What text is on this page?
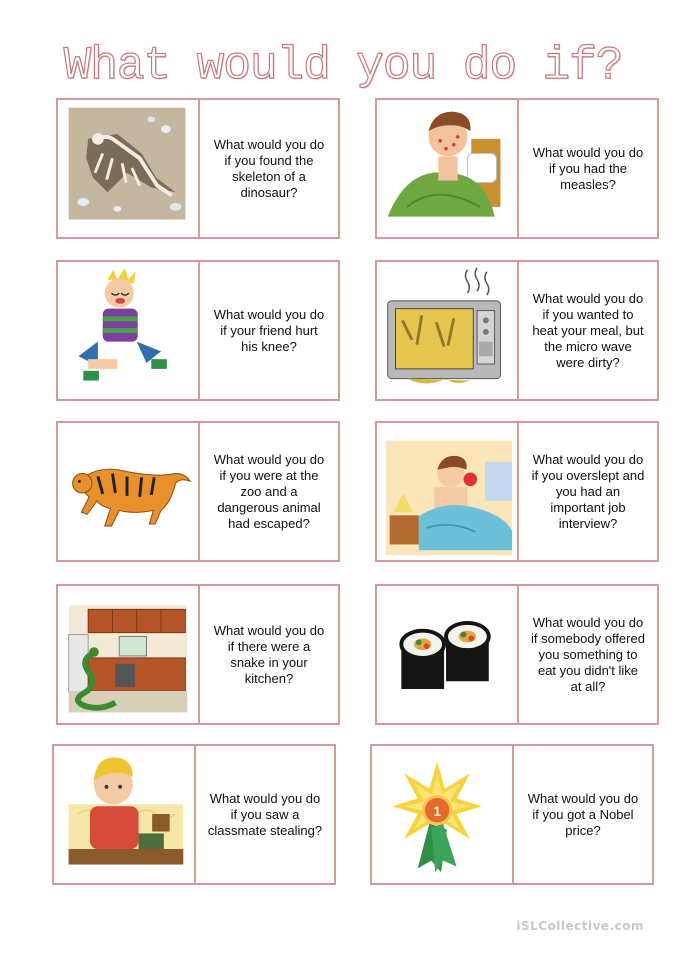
What would you do if?
What would you do
if you found the
skeleton of a
dinosaur?
What would you do
if you had the
measles?
What would you do
if your friend hurt
his knee?
What would you do
if you wanted to
heat your meal, but
the micro wave
were dirty?
What would you do
if you were at the
zoo and a
dangerous animal
had escaped?
What would you do
if you overslept and
you had an
important job
interview?
What would you do
if there were a
snake in your
kitchen?
What would you do
if somebody offered
you something to
eat you didn't like
at all?
What would you do
if you saw a
classmate stealing?
1
What would you do
if you got a Nobel
price?
iSLCollective.com
